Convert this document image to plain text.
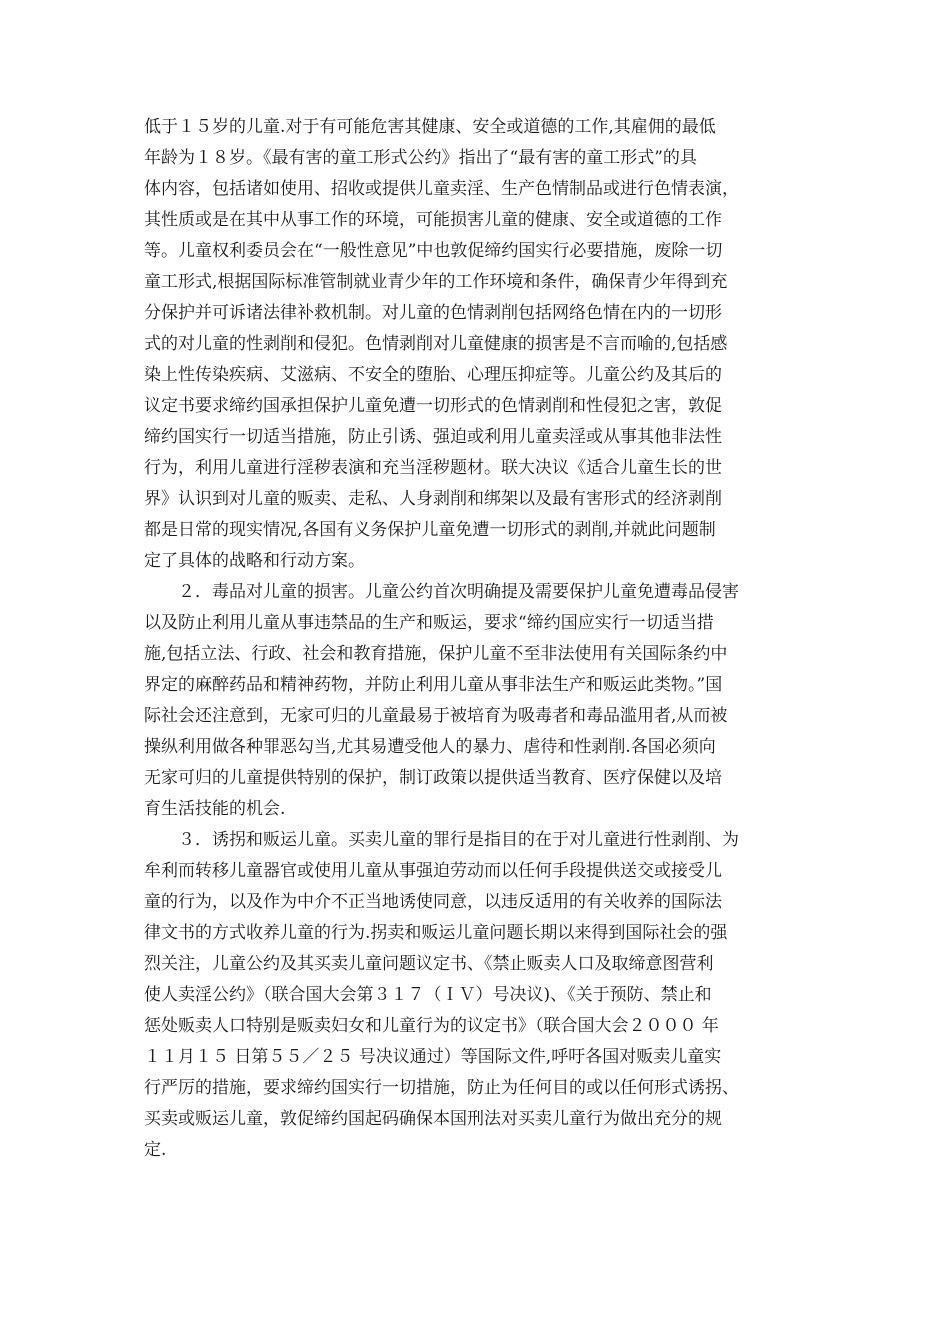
低于１５岁的儿童.对于有可能危害其健康、安全或道德的工作,其雇佣的最低
年龄为１８岁。《最有害的童工形式公约》指出了“最有害的童工形式”的具
体内容，包括诸如使用、招收或提供儿童卖淫、生产色情制品或进行色情表演，
其性质或是在其中从事工作的环境，可能损害儿童的健康、安全或道德的工作
等。儿童权利委员会在“一般性意见”中也敦促缔约国实行必要措施，废除一切
童工形式,根据国际标准管制就业青少年的工作环境和条件，确保青少年得到充
分保护并可诉诸法律补救机制。对儿童的色情剥削包括网络色情在内的一切形
式的对儿童的性剥削和侵犯。色情剥削对儿童健康的损害是不言而喻的,包括感
染上性传染疾病、艾滋病、不安全的堕胎、心理压抑症等。儿童公约及其后的
议定书要求缔约国承担保护儿童免遭一切形式的色情剥削和性侵犯之害，敦促
缔约国实行一切适当措施，防止引诱、强迫或利用儿童卖淫或从事其他非法性
行为，利用儿童进行淫秽表演和充当淫秽题材。联大决议《适合儿童生长的世
界》认识到对儿童的贩卖、走私、人身剥削和绑架以及最有害形式的经济剥削
都是日常的现实情况,各国有义务保护儿童免遭一切形式的剥削,并就此问题制
定了具体的战略和行动方案。
　　２．毒品对儿童的损害。儿童公约首次明确提及需要保护儿童免遭毒品侵害
以及防止利用儿童从事违禁品的生产和贩运，要求“缔约国应实行一切适当措
施,包括立法、行政、社会和教育措施，保护儿童不至非法使用有关国际条约中
界定的麻醉药品和精神药物，并防止利用儿童从事非法生产和贩运此类物。”国
际社会还注意到，无家可归的儿童最易于被培育为吸毒者和毒品滥用者,从而被
操纵利用做各种罪恶勾当,尤其易遭受他人的暴力、虐待和性剥削.各国必须向
无家可归的儿童提供特别的保护，制订政策以提供适当教育、医疗保健以及培
育生活技能的机会.
　　３．诱拐和贩运儿童。买卖儿童的罪行是指目的在于对儿童进行性剥削、为
牟利而转移儿童器官或使用儿童从事强迫劳动而以任何手段提供送交或接受儿
童的行为，以及作为中介不正当地诱使同意，以违反适用的有关收养的国际法
律文书的方式收养儿童的行为.拐卖和贩运儿童问题长期以来得到国际社会的强
烈关注，儿童公约及其买卖儿童问题议定书、《禁止贩卖人口及取缔意图营利
使人卖淫公约》（联合国大会第３１７（ＩＶ）号决议)、《关于预防、禁止和
惩处贩卖人口特别是贩卖妇女和儿童行为的议定书》（联合国大会２０００ 年
１１月１５ 日第５５／２５ 号决议通过）等国际文件,呼吁各国对贩卖儿童实
行严厉的措施，要求缔约国实行一切措施，防止为任何目的或以任何形式诱拐、
买卖或贩运儿童，敦促缔约国起码确保本国刑法对买卖儿童行为做出充分的规
定.
